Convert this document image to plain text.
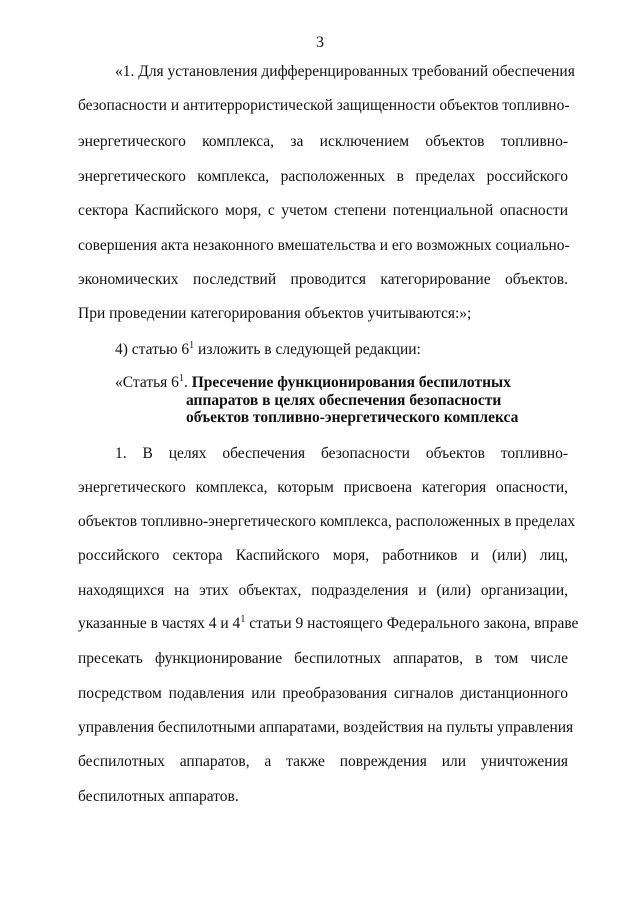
3
«1. Для установления дифференцированных требований обеспечения
безопасности и антитеррористической защищенности объектов топливно-
энергетического комплекса, за исключением объектов топливно-
энергетического комплекса, расположенных в пределах российского
сектора Каспийского моря, с учетом степени потенциальной опасности
совершения акта незаконного вмешательства и его возможных социально-
экономических последствий проводится категорирование объектов.
При проведении категорирования объектов учитываются:»;
4) статью $6^1$ изложить в следующей редакции:
«Статья $6^1$. Пресечение функционирования беспилотных
аппаратов в целях обеспечения безопасности
объектов топливно-энергетического комплекса
1. В целях обеспечения безопасности объектов топливно-
энергетического комплекса, которым присвоена категория опасности,
объектов топливно-энергетического комплекса, расположенных в пределах
российского сектора Каспийского моря, работников и (или) лиц,
находящихся на этих объектах, подразделения и (или) организации,
указанные в частях 4 и $4^1$ статьи 9 настоящего Федерального закона, вправе
пресекать функционирование беспилотных аппаратов, в том числе
посредством подавления или преобразования сигналов дистанционного
управления беспилотными аппаратами, воздействия на пульты управления
беспилотных аппаратов, а также повреждения или уничтожения
беспилотных аппаратов.
